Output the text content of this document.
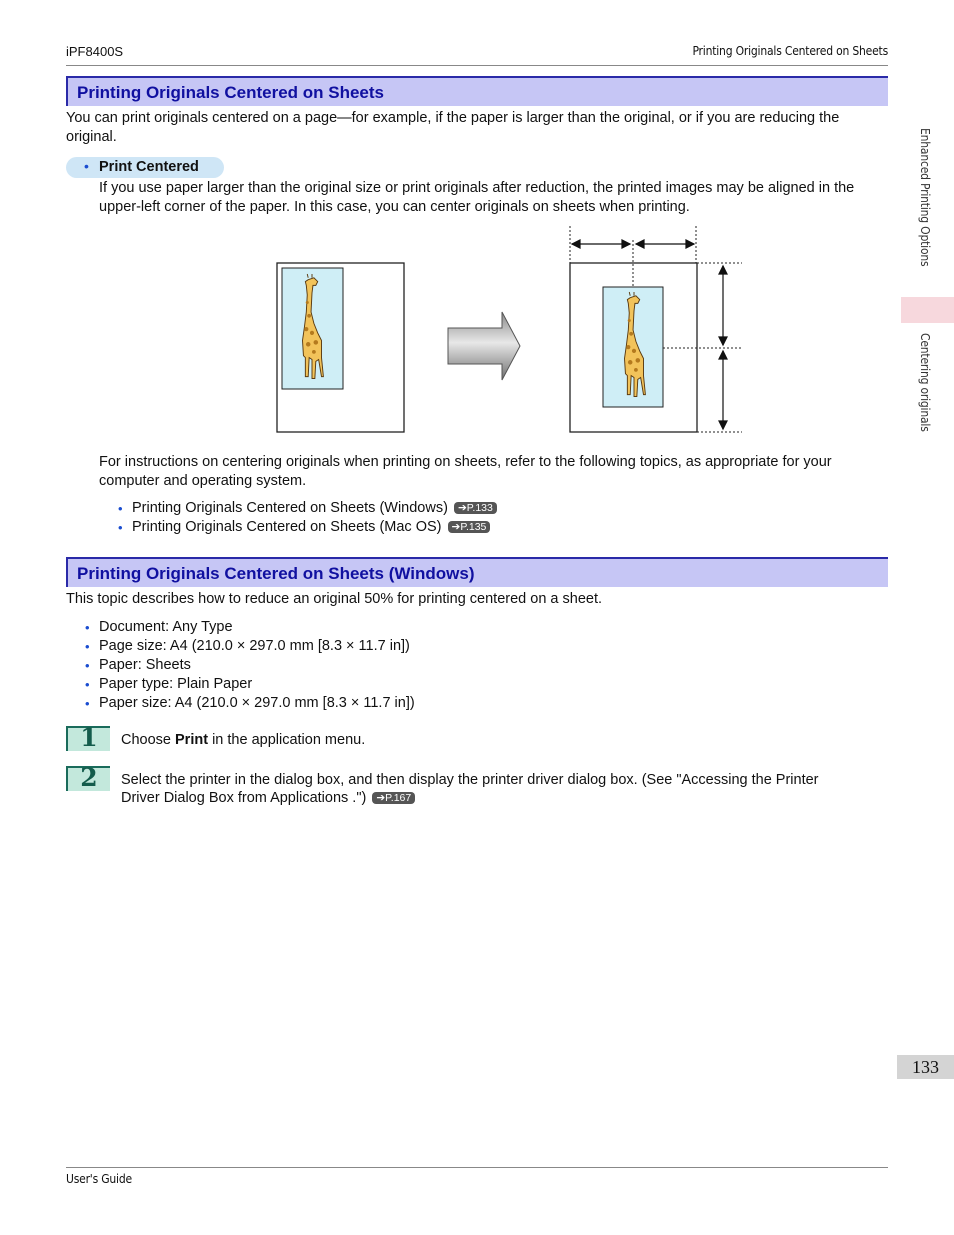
iPF8400S	Printing Originals Centered on Sheets
Printing Originals Centered on Sheets
You can print originals centered on a page—for example, if the paper is larger than the original, or if you are reducing the original.
• Print Centered
If you use paper larger than the original size or print originals after reduction, the printed images may be aligned in the upper-left corner of the paper. In this case, you can center originals on sheets when printing.
For instructions on centering originals when printing on sheets, refer to the following topics, as appropriate for your computer and operating system.
• Printing Originals Centered on Sheets (Windows) ➔P.133
• Printing Originals Centered on Sheets (Mac OS) ➔P.135
Printing Originals Centered on Sheets (Windows)
This topic describes how to reduce an original 50% for printing centered on a sheet.
• Document: Any Type
• Page size: A4 (210.0 × 297.0 mm [8.3 × 11.7 in])
• Paper: Sheets
• Paper type: Plain Paper
• Paper size: A4 (210.0 × 297.0 mm [8.3 × 11.7 in])
1	Choose Print in the application menu.
2	Select the printer in the dialog box, and then display the printer driver dialog box. (See "Accessing the Printer
Driver Dialog Box from Applications .") ➔P.167
Enhanced Printing Options
Centering originals
133
User's Guide
